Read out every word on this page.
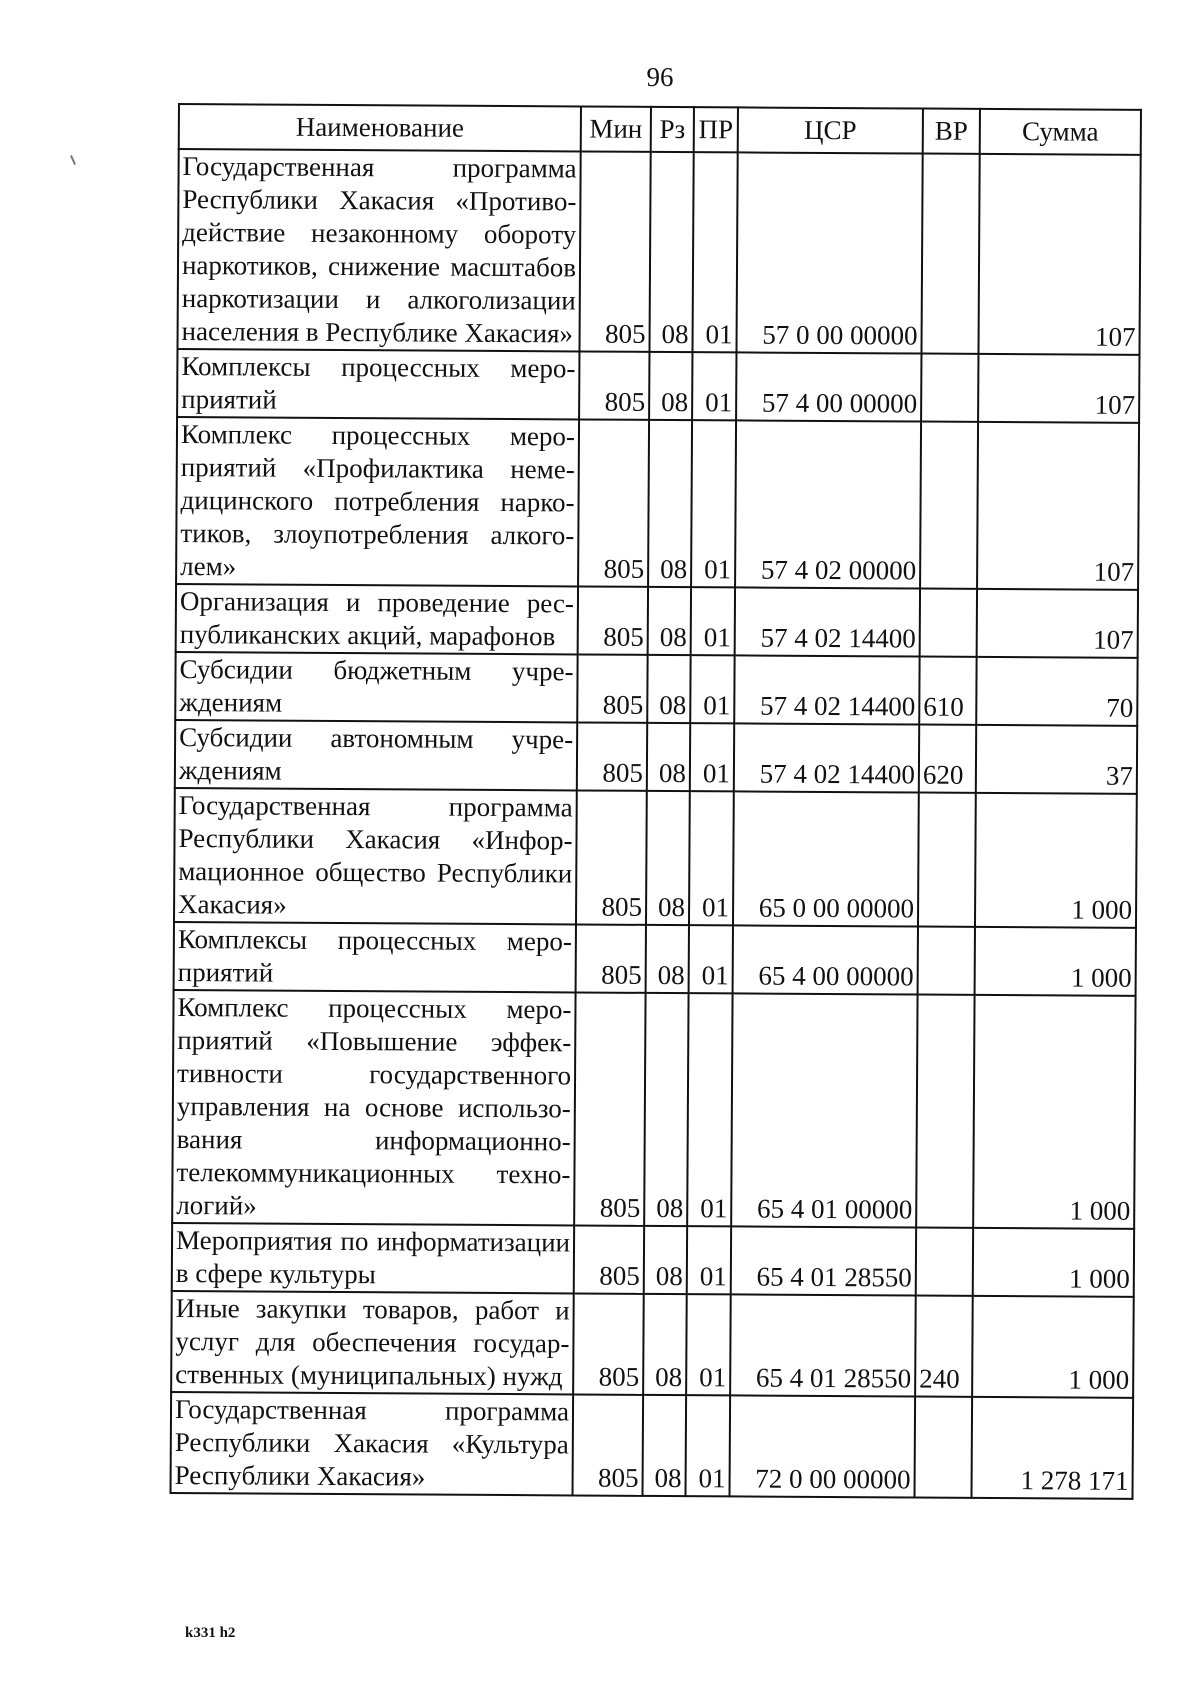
96
Наименование	Мин	Рз	ПР	ЦСР	ВР	Сумма
Государственная программа Республики Хакасия «Противодействие незаконному обороту наркотиков, снижение масштабов наркотизации и алкоголизации населения в Республике Хакасия»	805	08	01	57 0 00 00000		107
Комплексы процессных мероприятий	805	08	01	57 4 00 00000		107
Комплекс процессных мероприятий «Профилактика немедицинского потребления наркотиков, злоупотребления алкоголем»	805	08	01	57 4 02 00000		107
Организация и проведение республиканских акций, марафонов	805	08	01	57 4 02 14400		107
Субсидии бюджетным учреждениям	805	08	01	57 4 02 14400	610	70
Субсидии автономным учреждениям	805	08	01	57 4 02 14400	620	37
Государственная программа Республики Хакасия «Информационное общество Республики Хакасия»	805	08	01	65 0 00 00000		1 000
Комплексы процессных мероприятий	805	08	01	65 4 00 00000		1 000
Комплекс процессных мероприятий «Повышение эффективности государственного управления на основе использования информационно-телекоммуникационных технологий»	805	08	01	65 4 01 00000		1 000
Мероприятия по информатизации в сфере культуры	805	08	01	65 4 01 28550		1 000
Иные закупки товаров, работ и услуг для обеспечения государственных (муниципальных) нужд	805	08	01	65 4 01 28550	240	1 000
Государственная программа Республики Хакасия «Культура Республики Хакасия»	805	08	01	72 0 00 00000		1 278 171
k331 h2
